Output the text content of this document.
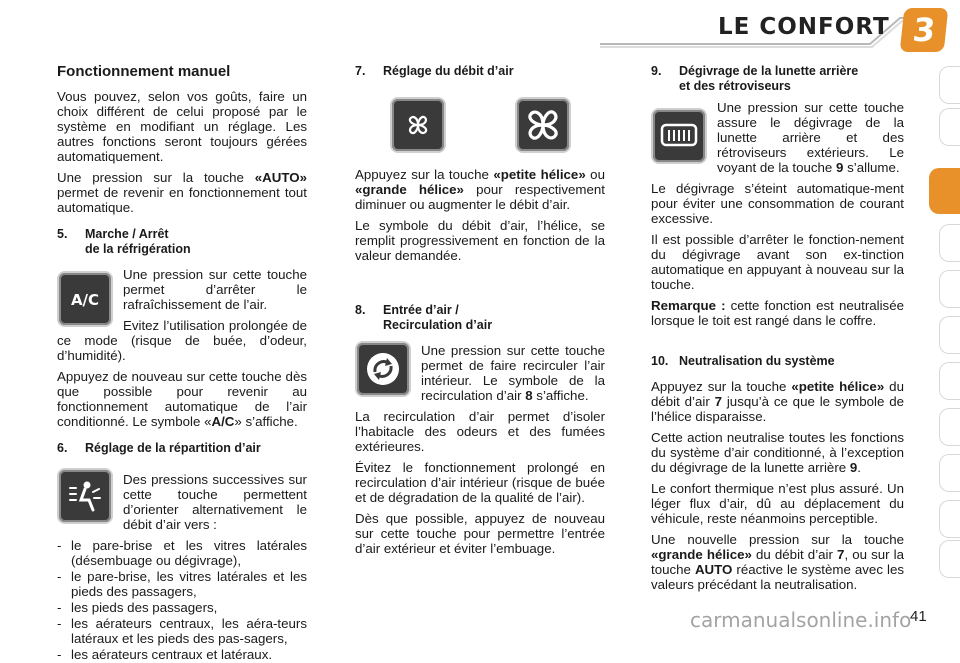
LE CONFORT 3

Fonctionnement manuel

Vous pouvez, selon vos goûts, faire un choix différent de celui proposé par le système en modifiant un réglage. Les autres fonctions seront toujours gérées automatiquement.

Une pression sur la touche «AUTO» permet de revenir en fonctionnement tout automatique.

5. Marche / Arrêt
de la réfrigération

A/C

Une pression sur cette touche permet d’arrêter le rafraîchissement de l’air.

Evitez l’utilisation prolongée de ce mode (risque de buée, d’odeur, d’humidité).

Appuyez de nouveau sur cette touche dès que possible pour revenir au fonctionnement automatique de l’air conditionné. Le symbole «A/C» s’affiche.

6. Réglage de la répartition d’air

Des pressions successives sur cette touche permettent d’orienter alternativement le débit d’air vers :

- le pare-brise et les vitres latérales (désembuage ou dégivrage),
- le pare-brise, les vitres latérales et les pieds des passagers,
- les pieds des passagers,
- les aérateurs centraux, les aéra-teurs latéraux et les pieds des pas-sagers,
- les aérateurs centraux et latéraux.

7. Réglage du débit d’air

Appuyez sur la touche «petite hélice» ou «grande hélice» pour respectivement diminuer ou augmenter le débit d’air.

Le symbole du débit d’air, l’hélice, se remplit progressivement en fonction de la valeur demandée.

8. Entrée d’air /
Recirculation d’air

Une pression sur cette touche permet de faire recirculer l’air intérieur. Le symbole de la recirculation d’air 8 s’affiche.

La recirculation d’air permet d’isoler l’habitacle des odeurs et des fumées extérieures.

Évitez le fonctionnement prolongé en recirculation d’air intérieur (risque de buée et de dégradation de la qualité de l’air).

Dès que possible, appuyez de nouveau sur cette touche pour permettre l’entrée d’air extérieur et éviter l’embuage.

9. Dégivrage de la lunette arrière
et des rétroviseurs

Une pression sur cette touche assure le dégivrage de la lunette arrière et des rétroviseurs extérieurs. Le voyant de la touche 9 s’allume.

Le dégivrage s’éteint automatique-ment pour éviter une consommation de courant excessive.

Il est possible d’arrêter le fonction-nement du dégivrage avant son ex-tinction automatique en appuyant à nouveau sur la touche.

Remarque : cette fonction est neutralisée lorsque le toit est rangé dans le coffre.

10. Neutralisation du système

Appuyez sur la touche «petite hélice» du débit d’air 7 jusqu’à ce que le symbole de l’hélice disparaisse.

Cette action neutralise toutes les fonctions du système d’air conditionné, à l’exception du dégivrage de la lunette arrière 9.

Le confort thermique n’est plus assuré. Un léger flux d’air, dû au déplacement du véhicule, reste néanmoins perceptible.

Une nouvelle pression sur la touche «grande hélice» du débit d’air 7, ou sur la touche AUTO réactive le système avec les valeurs précédant la neutralisation.

carmanualsonline.info
41
